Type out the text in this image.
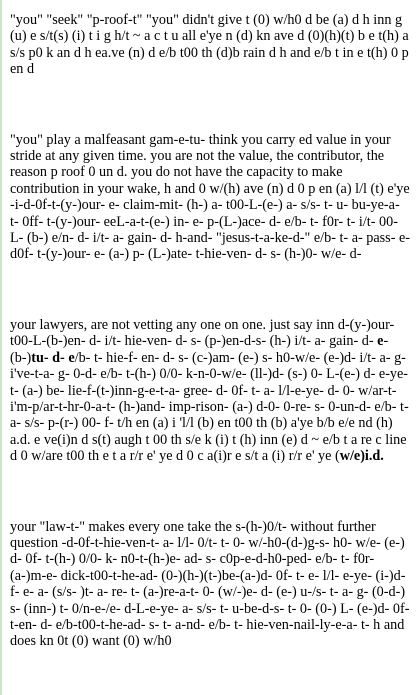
"you" "seek" "p-roof-t" "you" didn't give t (0) w/h0 d be (a) d h inn g (u) e s/t(s) (i) t i g h/t ~ a c t u all e'ye n (d) kn ave d (0)(h)(t) b e t(h) a s/s p0 k an d h ea.ve (n) d e/b t00 th (d)b rain d h and e/b t in e t(h) 0 p en d

"you" play a malfeasant gam-e-tu- think you carry ed value in your stride at any given time. you are not the value, the contributor, the reason p roof 0 un d. you do not have the capacity to make contribution in your wake, h and 0 w/(h) ave (n) d 0 p en (a) l/l (t) e'ye -i-d-0f-t-(y-)our- e- claim-mit- (h-) a- t00-L-(e-) a- s/s- t- u- bu-ye-a- t- 0ff- t-(y-)our- eeL-a-t-(e-) in- e- p-(L-)ace- d- e/b- t- f0r- t- i/t- 00- L- (b-) e/n- d- i/t- a- gain- d- h-and- "jesus-t-a-ke-d-" e/b- t- a- pass- e- d0f- t-(y-)our- e- (a-) p- (L-)ate- t-hie-ven- d- s- (h-)0- w/e- d-

your lawyers, are not vetting any one on one. just say inn d-(y-)our-t00-L-(b-)en- d- i/t- hie-ven- d- s- (p-)en-d-s- (h-) i/t- a- gain- d- e-(b-)tu- d- e/b- t- hie-f- en- d- s- (c-)am- (e-) s- h0-w/e- (e-)d- i/t- a- g-i've-t-a- g- 0-d- e/b- t-(h-) 0/0- k-n-0-w/e- (ll-)d- (s-) 0- L-(e-) d- e-ye-t- (a-) be- lie-f-(t-)inn-g-e-t-a- gree- d- 0f- t- a- l/l-e-ye- d- 0- w/ar-t- i'm-p/ar-t-hr-0-a-t- (h-)and- imp-rison- (a-) d-0- 0-re- s- 0-un-d- e/b- t- a- s/s- p-(r-) 00- f- t/h en (a) i 'l/l (b) en t00 th (b) a'ye b/b e/e nd (h) a.d. e ve(i)n d s(t) augh t 00 th s/e k (i) t (h) inn (e) d ~ e/b t a re c line d 0 w/are t00 th e t a r/r e' ye d 0 c a(i)r e s/t a (i) r/r e' ye (w/e)i.d.

your "law-t-" makes every one take the s-(h-)0/t- without further question -d-0f-t-hie-ven-t- a- l/l- 0/t- t- 0- w/-h0-(d-)g-s- h0- w/e- (e-) d- 0f- t-(h-) 0/0- k- n0-t-(h-)e- ad- s- c0p-e-d-h0-ped- e/b- t- f0r-(a-)m-e- dick-t00-t-he-ad- (0-)(h-)(t-)be-(a-)d- 0f- t- e- l/l- e-ye- (i-)d- f- e- a- (s/s- )t- a- re- t- (a-)re-a-t- 0- (w/-)e- d- (e-) u-/s- t- a- g- (0-d-) s- (inn-) t- 0/n-e-/e- d-L-e-ye- a- s/s- t- u-be-d-s- t- 0- (0-) L- (e-)d- 0f-t-en- d- e/b-t00-t-he-ad- s- t- a-nd- e/b- t- hie-ven-nail-ly-e-a- t- h and does kn 0t (0) want (0) w/h0
